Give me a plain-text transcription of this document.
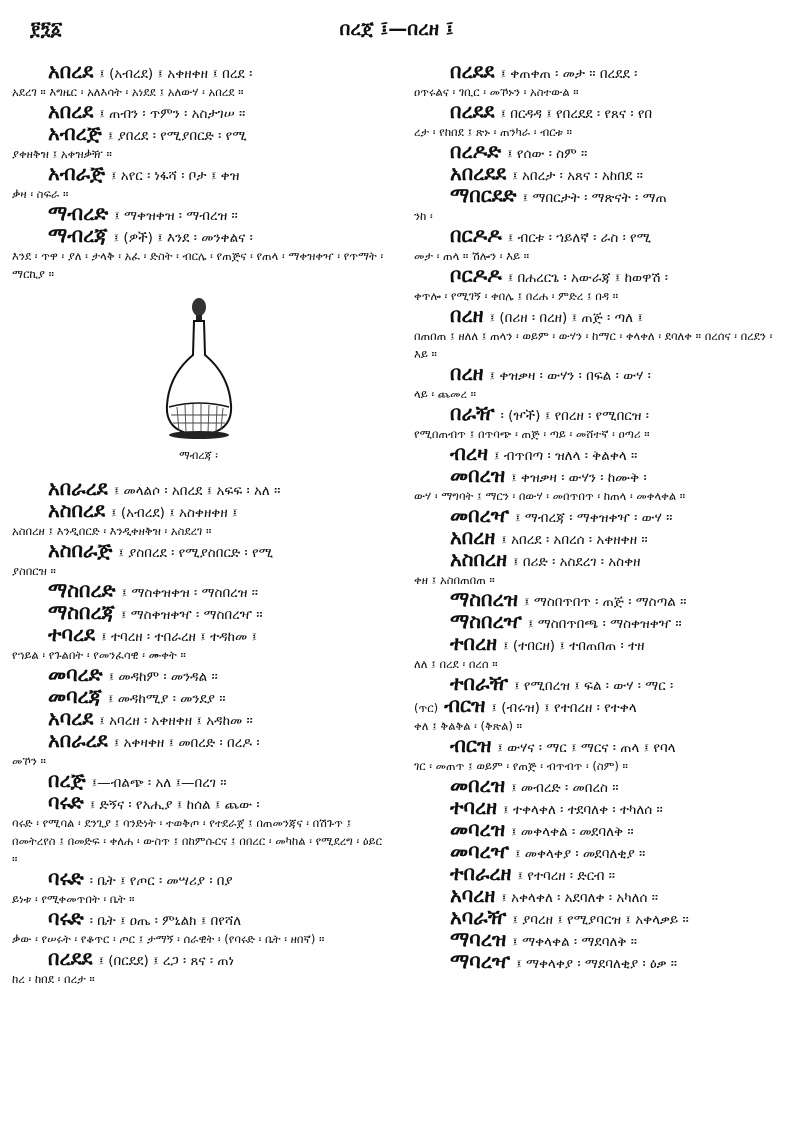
፻፺፩	በረጀ ፤—በረዘ ፤
አበረደ ፤ (አብረደ) ፤ አቀዘቀዘ ፤ በረደ ፡
አደረገ ። እግዜር ፡ አለእሳት ፡ አነደደ ፤ አለውሃ ፡ አበረደ ።
አበረደ ፤ ጠብን ፡ ጥምን ፡ አስታገሠ ።
አብረጅ ፤ ያበረደ ፡ የሚያበርድ ፡ የሚ
ያቀዘቅዝ ፤ አቀዝቃዥ ።
አብራጅ ፤ አየር ፡ ነፋሻ ፡ ቦታ ፤ ቀዝ
ቃዛ ፡ ስፍራ ።
ማብረድ ፤ ማቀዝቀዝ ፡ ማብረዝ ።
ማብረጃ ፤ (ዎች) ፤ እንደ ፡ መንቀልና ፡
እንደ ፡ ጥዋ ፡ ያለ ፡ ታላቅ ፡ አፈ ፡ ድስት ፡ ብርሌ ፡ የጠጅና ፡ የጠላ ፡ ማቀዝቀዣ ፡ የጥማት ፡ ማርኪያ ።
ማብረጃ ፡
አበራረደ ፤ መላልሶ ፡ አበረደ ፤ አፍፍ ፡ አለ ።
አስበረደ ፤ (አብረደ) ፤ አስቀዘቀዘ ፤
አስበረዘ ፤ እንዲበርድ ፡ እንዲቀዘቅዝ ፡ አስደረገ ።
አስበራጅ ፤ ያስበረደ ፡ የሚያስበርድ ፡ የሚ
ያስበርዝ ።
ማስበረድ ፤ ማስቀዝቀዝ ፡ ማስበረዝ ።
ማስበረጃ ፤ ማስቀዝቀዣ ፡ ማስበረዣ ።
ተባረደ ፤ ተባረዘ ፡ ተበራረዘ ፤ ተዳከመ ፤
የኀይል ፡ የጉልበት ፡ የመንፈሳዊ ፡ ሙቀት ።
መባረድ ፤ መዳከም ፡ መንዳል ።
መባረጃ ፤ መዳከሚያ ፡ መንደያ ።
አባረደ ፤ አባረዘ ፡ አቀዘቀዘ ፤ አዳከመ ።
አበራረደ ፤ አቀዛቀዘ ፤ መበረድ ፡ በረዶ ፡
መኾን ።
በረጅ ፤—ብልጭ ፡ አለ ፤—በረገ ።
ባሩድ ፤ ድኝና ፡ የአሒያ ፤ ከሰል ፤ ጨው ፡
ባሩድ ፡ የሚባል ፡ ደንጊያ ፤ ባንድነት ፡ ተወቅጦ ፡ የተደራጀ ፤ በጠመንጃና ፡ በሽጉጥ ፤ በመትረየስ ፤ በመድፍ ፡ ቀለሐ ፡ ውስጥ ፤ በከምሱርና ፤ በበረር ፡ መካከል ፡ የሚደረግ ፡ ዕይር ።
ባሩድ ፡ ቤት ፤ የጦር ፡ መሣሪያ ፡ በያ
ይነቱ ፡ የሚቀመጥበት ፡ ቤት ።
ባሩድ ፡ ቤት ፤ ዐጤ ፡ ምኒልክ ፤ በየሻለ
ቃው ፡ የሠሩት ፡ የቆጥር ፡ ጦር ፤ ታማኝ ፡ ሰራዊት ፡ (የባሩድ ፡ ቤት ፡ ዘበኛ) ።
በረደደ ፤ (በርደደ) ፤ ረጋ ፡ ጸና ፡ ጠነ
ከረ ፡ ከበደ ፡ በረታ ።
በረደደ ፤ ቀጠቀጠ ፡ መታ ። በረደደ ፡
ዐጥሩልና ፡ ገቢር ፡ መኾኑን ፡ አስተውል ።
በረደደ ፤ በርዳዳ ፤ የበረደደ ፡ የጸና ፡ የበ
ረታ ፡ የከበደ ፤ ጽኑ ፡ ጠንካራ ፡ ብርቱ ።
በረዶድ ፤ የሰው ፡ ስም ።
አበረደደ ፤ አበረታ ፡ አጸና ፡ አከበደ ።
ማበርደድ ፤ ማበርታት ፡ ማጽናት ፡ ማጠ
ንከ ፡
በርዶዶ ፤ ብርቱ ፡ ኀይለኛ ፡ ራስ ፡ የሚ
መታ ፡ ጠላ ። ሽሎን ፡ እይ ።
ቦርዶዶ ፤ በሐረርጌ ፡ አውራጃ ፤ ከወዋሽ ፡
ቀጥሎ ፡ የሚገኝ ፡ ቀበሌ ፤ በረሐ ፡ ምድረ ፤ በዳ ።
በረዘ ፤ (በሪዘ ፡ በረዘ) ፤ ጠጅ ፡ ጣለ ፤
በጠበጠ ፤ ዘለለ ፤ ጠላን ፡ ወይም ፡ ውሃን ፡ ከማር ፡ ቀላቀለ ፡ ደባለቀ ። በረሰና ፡ በረደን ፡ እይ ።
በረዘ ፤ ቀዝቃዛ ፡ ውሃን ፡ በፍል ፡ ውሃ ፡
ላይ ፡ ጨመረ ።
በራዥ ፡ (ዦች) ፤ የበረዘ ፡ የሚበርዝ ፡
የሚበጠብጥ ፤ በጥባጭ ፡ ጠጅ ፡ ጣይ ፡ መሸተኛ ፡ ዐጣሪ ።
ብረዛ ፤ ብጥበጣ ፡ ዝለላ ፡ ቅልቀላ ።
መበረዝ ፤ ቀዝቃዛ ፡ ውሃን ፡ ከሙቅ ፡
ውሃ ፡ ማግባት ፤ ማርን ፡ በውሃ ፡ መበጥበጥ ፡ ከጠላ ፡ መቀላቀል ።
መበረዣ ፤ ማብረጃ ፡ ማቀዝቀዣ ፡ ውሃ ።
አበረዘ ፤ አበረደ ፡ አበረሰ ፡ አቀዘቀዘ ።
አስበረዘ ፤ በሪድ ፡ አስደረገ ፡ አስቀዘ
ቀዘ ፤ አስበጠበጠ ።
ማስበረዝ ፤ ማስበጥበጥ ፡ ጠጅ ፡ ማስጣል ።
ማስበረዣ ፤ ማስበጥበጫ ፡ ማስቀዝቀዣ ።
ተበረዘ ፤ (ተበርዘ) ፤ ተበጠበጠ ፡ ተዘ
ለለ ፤ በረደ ፡ በረሰ ።
ተበራዥ ፤ የሚበረዝ ፤ ፍል ፡ ውሃ ፡ ማር ፡
(ጥር) ብርዝ ፤ (ብሩዝ) ፤ የተበረዘ ፡ የተቀላ
ቀለ ፤ ቅልቅል ፡ (ቅጽል) ።
ብርዝ ፤ ውሃና ፡ ማር ፤ ማርና ፡ ጠላ ፤ የባላ
ገር ፡ መጠጥ ፤ ወይም ፡ የጠጅ ፡ ብጥብጥ ፡ (ስም) ።
መበረዝ ፤ መብረድ ፡ መበረስ ።
ተባረዘ ፤ ተቀላቀለ ፡ ተደባለቀ ፡ ተካለሰ ።
መባረዝ ፤ መቀላቀል ፡ መደባለቅ ።
መባረዣ ፤ መቀላቀያ ፡ መደባለቂያ ።
ተበራረዘ ፤ የተባረዘ ፡ ድርብ ።
አባረዘ ፤ አቀላቀለ ፡ አደባለቀ ፡ አካለሰ ።
አባራዥ ፤ ያባረዘ ፤ የሚያባርዝ ፤ አቀላቃይ ።
ማባረዝ ፤ ማቀላቀል ፡ ማደባለቅ ።
ማባረዣ ፤ ማቀላቀያ ፡ ማደባለቂያ ፡ ዕቃ ።
